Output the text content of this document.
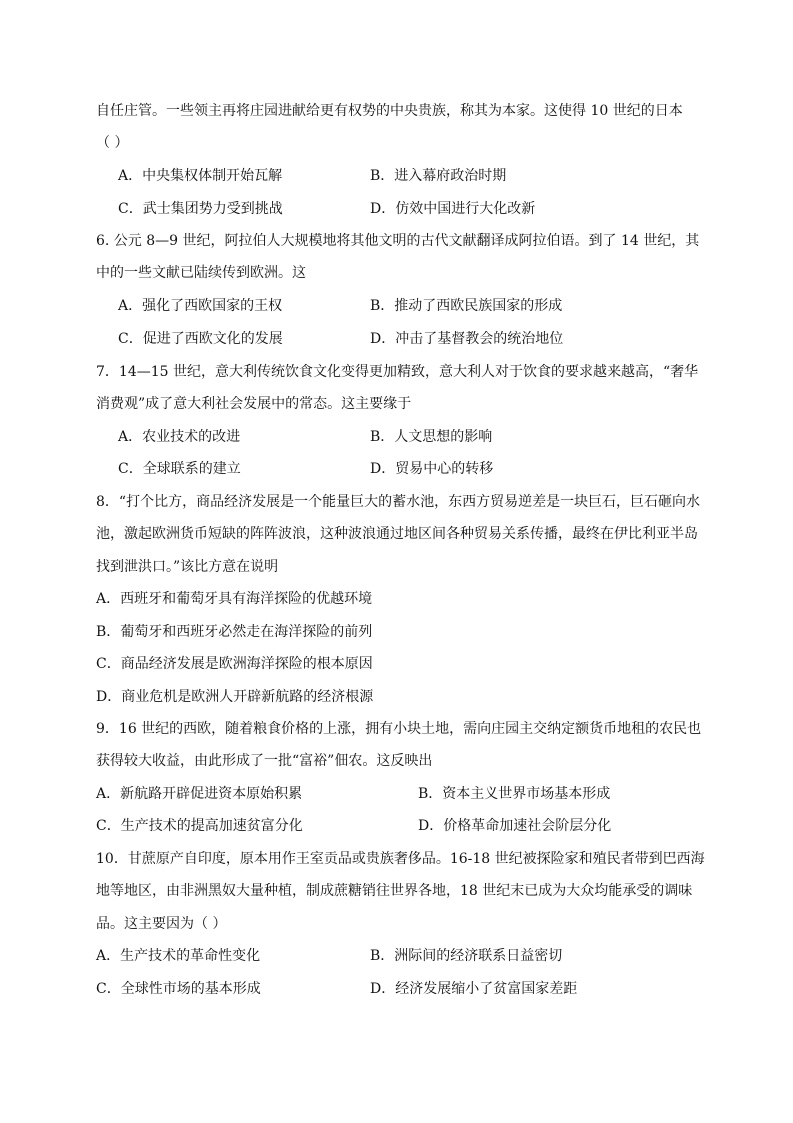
自任庄管。一些领主再将庄园进献给更有权势的中央贵族，称其为本家。这使得 10 世纪的日本
（ ）
A．中央集权体制开始瓦解	B．进入幕府政治时期
C．武士集团势力受到挑战	D．仿效中国进行大化改新
6. 公元 8—9 世纪，阿拉伯人大规模地将其他文明的古代文献翻译成阿拉伯语。到了 14 世纪，其
中的一些文献已陆续传到欧洲。这
A．强化了西欧国家的王权	B．推动了西欧民族国家的形成
C．促进了西欧文化的发展	D．冲击了基督教会的统治地位
7．14—15 世纪，意大利传统饮食文化变得更加精致，意大利人对于饮食的要求越来越高，“奢华
消费观”成了意大利社会发展中的常态。这主要缘于
A．农业技术的改进	B．人文思想的影响
C．全球联系的建立	D．贸易中心的转移
8．“打个比方，商品经济发展是一个能量巨大的蓄水池，东西方贸易逆差是一块巨石，巨石砸向水
池，激起欧洲货币短缺的阵阵波浪，这种波浪通过地区间各种贸易关系传播，最终在伊比利亚半岛
找到泄洪口。”该比方意在说明
A．西班牙和葡萄牙具有海洋探险的优越环境
B．葡萄牙和西班牙必然走在海洋探险的前列
C．商品经济发展是欧洲海洋探险的根本原因
D．商业危机是欧洲人开辟新航路的经济根源
9．16 世纪的西欧，随着粮食价格的上涨，拥有小块土地，需向庄园主交纳定额货币地租的农民也
获得较大收益，由此形成了一批“富裕”佃农。这反映出
A．新航路开辟促进资本原始积累	B．资本主义世界市场基本形成
C．生产技术的提高加速贫富分化	D．价格革命加速社会阶层分化
10．甘蔗原产自印度，原本用作王室贡品或贵族奢侈品。16-18 世纪被探险家和殖民者带到巴西海
地等地区，由非洲黑奴大量种植，制成蔗糖销往世界各地，18 世纪末已成为大众均能承受的调味
品。这主要因为（ ）
A．生产技术的革命性变化	B．洲际间的经济联系日益密切
C．全球性市场的基本形成	D．经济发展缩小了贫富国家差距
